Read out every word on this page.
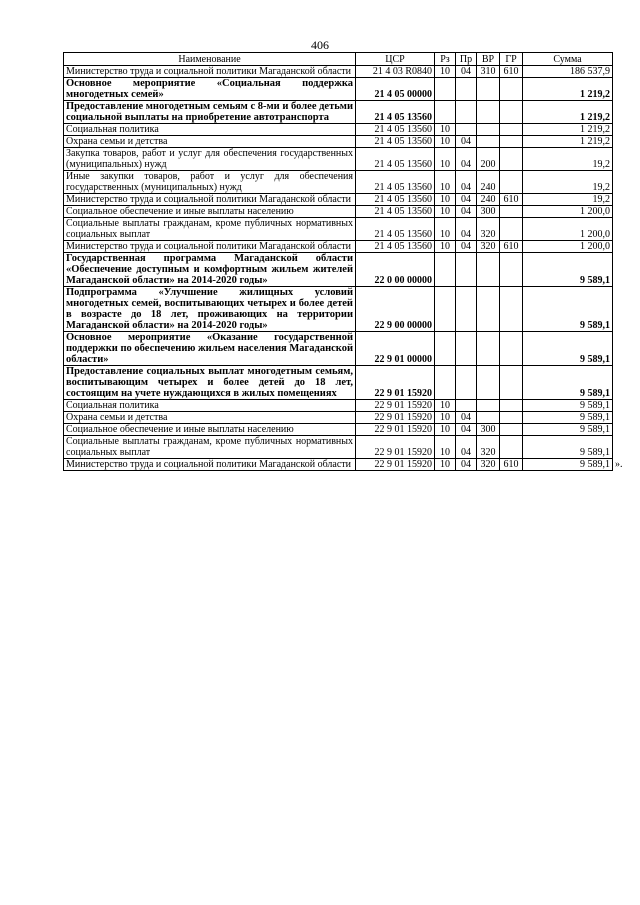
406
Наименование	ЦСР	Рз	Пр	ВР	ГР	Сумма
Министерство труда и социальной политики Магаданской области	21 4 03 R0840	10	04	310	610	186 537,9
Основное мероприятие «Социальная поддержка многодетных семей»	21 4 05 00000					1 219,2
Предоставление многодетным семьям с 8-ми и более детьми социальной выплаты на приобретение автотранспорта	21 4 05 13560					1 219,2
Социальная политика	21 4 05 13560	10				1 219,2
Охрана семьи и детства	21 4 05 13560	10	04			1 219,2
Закупка товаров, работ и услуг для обеспечения государственных (муниципальных) нужд	21 4 05 13560	10	04	200		19,2
Иные закупки товаров, работ и услуг для обеспечения государственных (муниципальных) нужд	21 4 05 13560	10	04	240		19,2
Министерство труда и социальной политики Магаданской области	21 4 05 13560	10	04	240	610	19,2
Социальное обеспечение и иные выплаты населению	21 4 05 13560	10	04	300		1 200,0
Социальные выплаты гражданам, кроме публичных нормативных социальных выплат	21 4 05 13560	10	04	320		1 200,0
Министерство труда и социальной политики Магаданской области	21 4 05 13560	10	04	320	610	1 200,0
Государственная программа Магаданской области «Обеспечение доступным и комфортным жильем жителей Магаданской области» на 2014-2020 годы»	22 0 00 00000					9 589,1
Подпрограмма «Улучшение жилищных условий многодетных семей, воспитывающих четырех и более детей в возрасте до 18 лет, проживающих на территории Магаданской области» на 2014-2020 годы»	22 9 00 00000					9 589,1
Основное мероприятие «Оказание государственной поддержки по обеспечению жильем населения Магаданской области»	22 9 01 00000					9 589,1
Предоставление социальных выплат многодетным семьям, воспитывающим четырех и более детей до 18 лет, состоящим на учете нуждающихся в жилых помещениях	22 9 01 15920					9 589,1
Социальная политика	22 9 01 15920	10				9 589,1
Охрана семьи и детства	22 9 01 15920	10	04			9 589,1
Социальное обеспечение и иные выплаты населению	22 9 01 15920	10	04	300		9 589,1
Социальные выплаты гражданам, кроме публичных нормативных социальных выплат	22 9 01 15920	10	04	320		9 589,1
Министерство труда и социальной политики Магаданской области	22 9 01 15920	10	04	320	610	9 589,1 ».
